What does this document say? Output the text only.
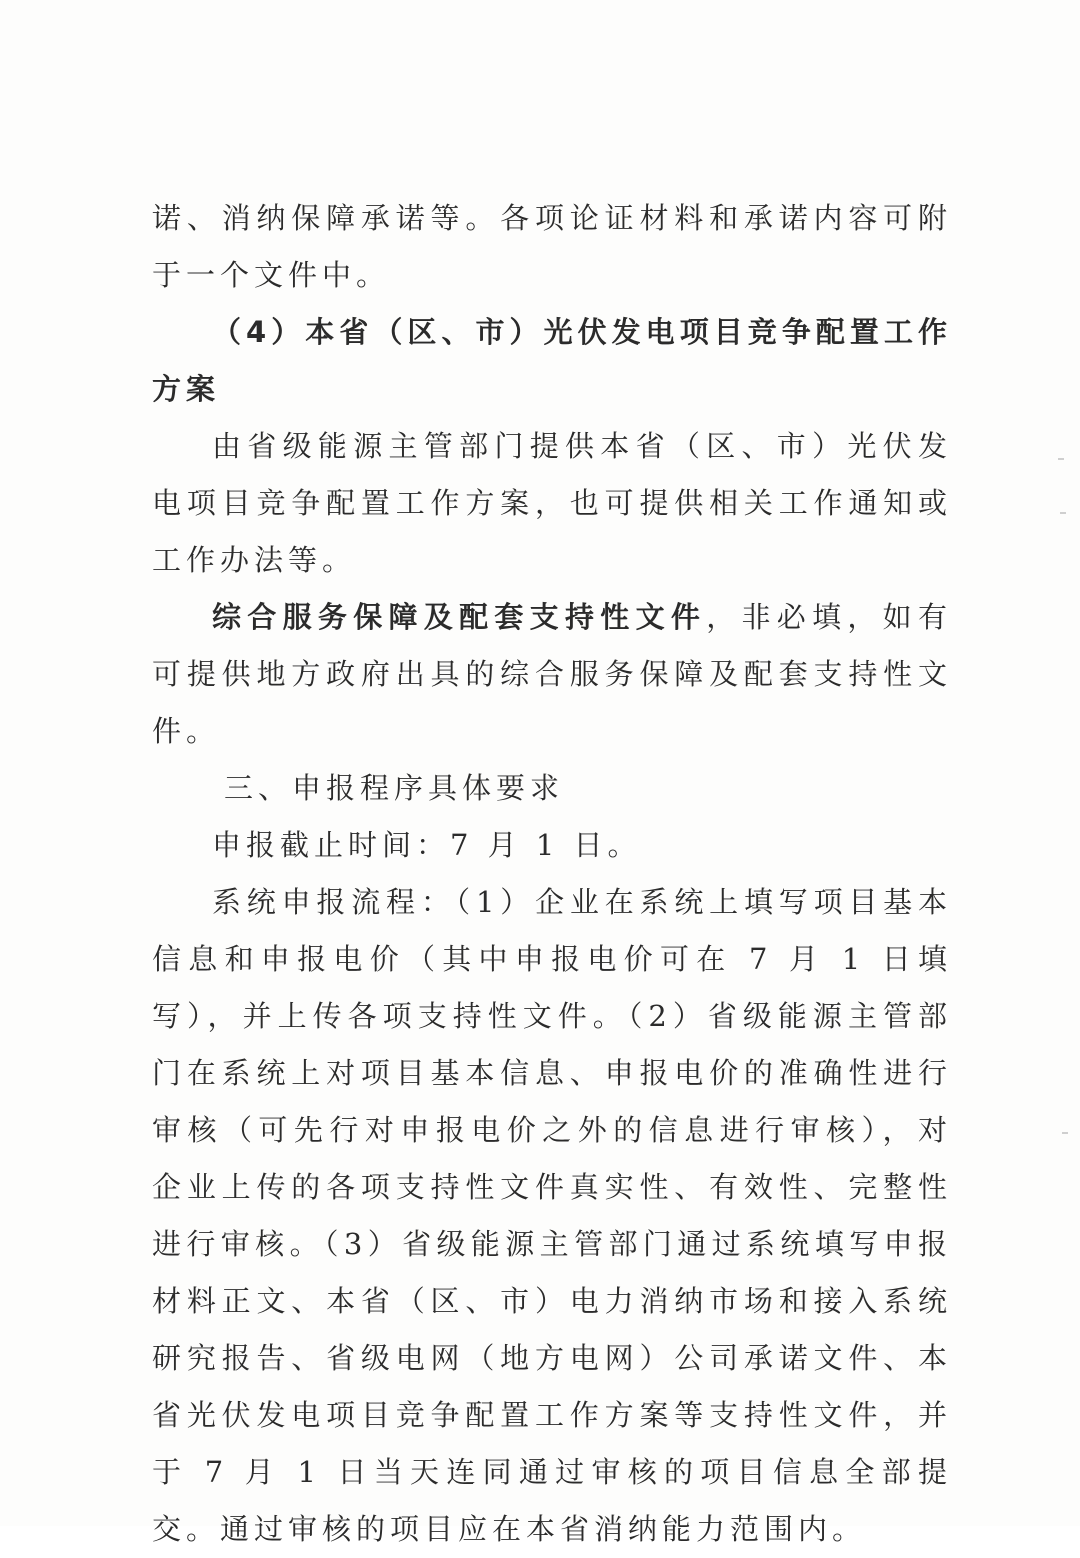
诺、消纳保障承诺等。各项论证材料和承诺内容可附于一个文件中。

（4）本省（区、市）光伏发电项目竞争配置工作方案

由省级能源主管部门提供本省（区、市）光伏发电项目竞争配置工作方案，也可提供相关工作通知或工作办法等。

综合服务保障及配套支持性文件，非必填，如有可提供地方政府出具的综合服务保障及配套支持性文件。

三、申报程序具体要求

申报截止时间：7 月 1 日。

系统申报流程：（1）企业在系统上填写项目基本信息和申报电价（其中申报电价可在 7 月 1 日填写），并上传各项支持性文件。（2）省级能源主管部门在系统上对项目基本信息、申报电价的准确性进行审核（可先行对申报电价之外的信息进行审核），对企业上传的各项支持性文件真实性、有效性、完整性进行审核。（3）省级能源主管部门通过系统填写申报材料正文、本省（区、市）电力消纳市场和接入系统研究报告、省级电网（地方电网）公司承诺文件、本省光伏发电项目竞争配置工作方案等支持性文件，并于 7 月 1 日当天连同通过审核的项目信息全部提交。通过审核的项目应在本省消纳能力范围内。
